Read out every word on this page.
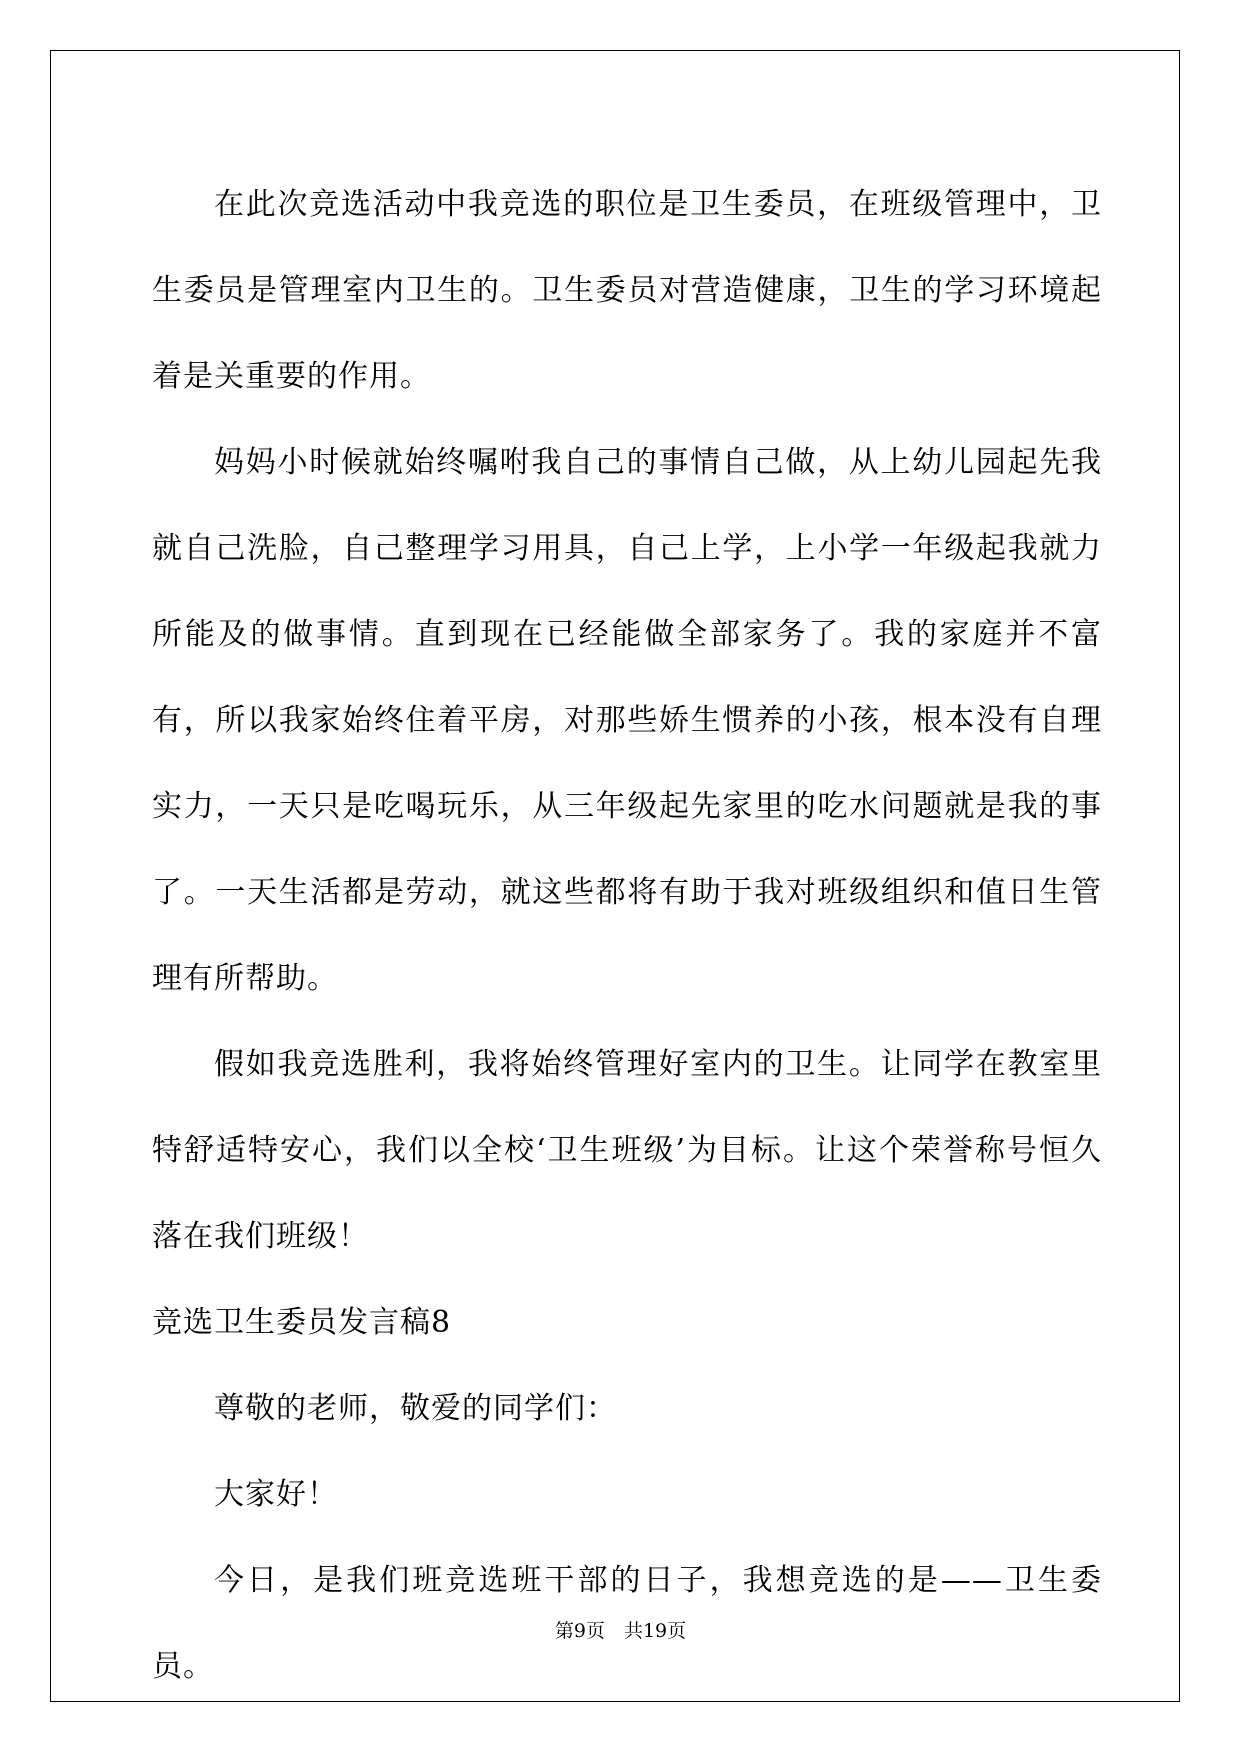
在此次竞选活动中我竞选的职位是卫生委员，在班级管理中，卫生委员是管理室内卫生的。卫生委员对营造健康，卫生的学习环境起着是关重要的作用。

妈妈小时候就始终嘱咐我自己的事情自己做，从上幼儿园起先我就自己洗脸，自己整理学习用具，自己上学，上小学一年级起我就力所能及的做事情。直到现在已经能做全部家务了。我的家庭并不富有，所以我家始终住着平房，对那些娇生惯养的小孩，根本没有自理实力，一天只是吃喝玩乐，从三年级起先家里的吃水问题就是我的事了。一天生活都是劳动，就这些都将有助于我对班级组织和值日生管理有所帮助。

假如我竞选胜利，我将始终管理好室内的卫生。让同学在教室里特舒适特安心，我们以全校‘卫生班级’为目标。让这个荣誉称号恒久落在我们班级！

竞选卫生委员发言稿8

尊敬的老师，敬爱的同学们：

大家好！

今日，是我们班竞选班干部的日子，我想竞选的是——卫生委员。

第9页　共19页
